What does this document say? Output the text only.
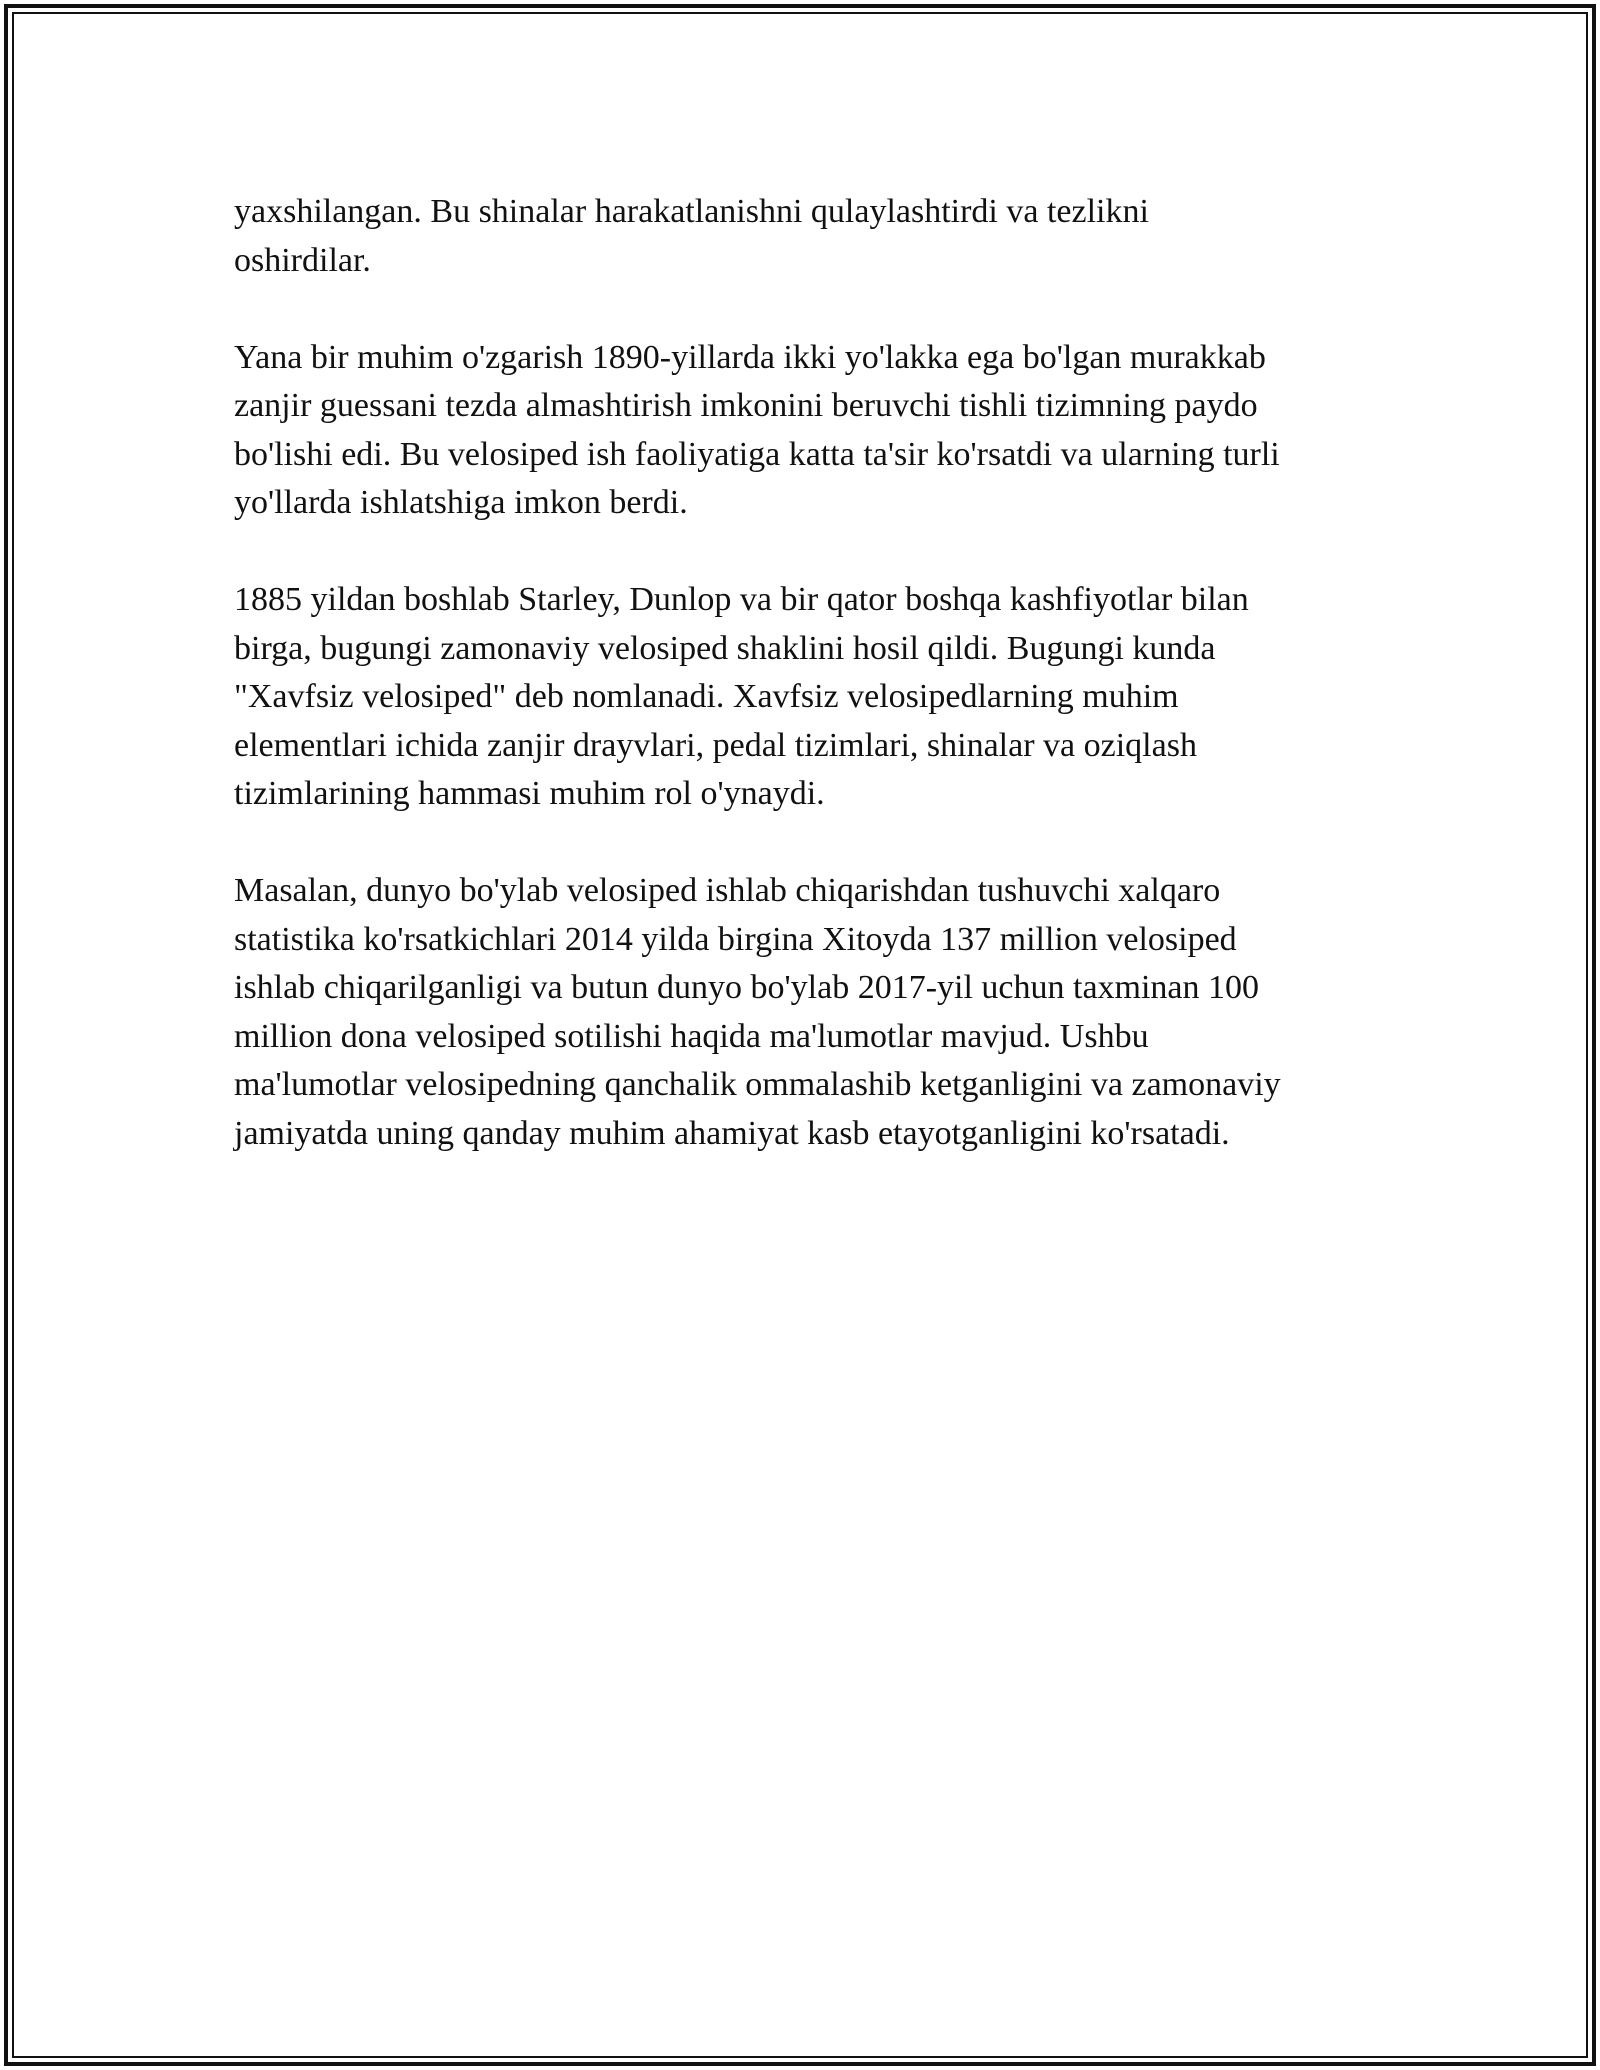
yaxshilangan. Bu shinalar harakatlanishni qulaylashtirdi va tezlikni
oshirdilar.

Yana bir muhim o'zgarish 1890-yillarda ikki yo'lakka ega bo'lgan murakkab
zanjir guessani tezda almashtirish imkonini beruvchi tishli tizimning paydo
bo'lishi edi. Bu velosiped ish faoliyatiga katta ta'sir ko'rsatdi va ularning turli
yo'llarda ishlatshiga imkon berdi.

1885 yildan boshlab Starley, Dunlop va bir qator boshqa kashfiyotlar bilan
birga, bugungi zamonaviy velosiped shaklini hosil qildi. Bugungi kunda
"Xavfsiz velosiped" deb nomlanadi. Xavfsiz velosipedlarning muhim
elementlari ichida zanjir drayvlari, pedal tizimlari, shinalar va oziqlash
tizimlarining hammasi muhim rol o'ynaydi.

Masalan, dunyo bo'ylab velosiped ishlab chiqarishdan tushuvchi xalqaro
statistika ko'rsatkichlari 2014 yilda birgina Xitoyda 137 million velosiped
ishlab chiqarilganligi va butun dunyo bo'ylab 2017-yil uchun taxminan 100
million dona velosiped sotilishi haqida ma'lumotlar mavjud. Ushbu
ma'lumotlar velosipedning qanchalik ommalashib ketganligini va zamonaviy
jamiyatda uning qanday muhim ahamiyat kasb etayotganligini ko'rsatadi.
